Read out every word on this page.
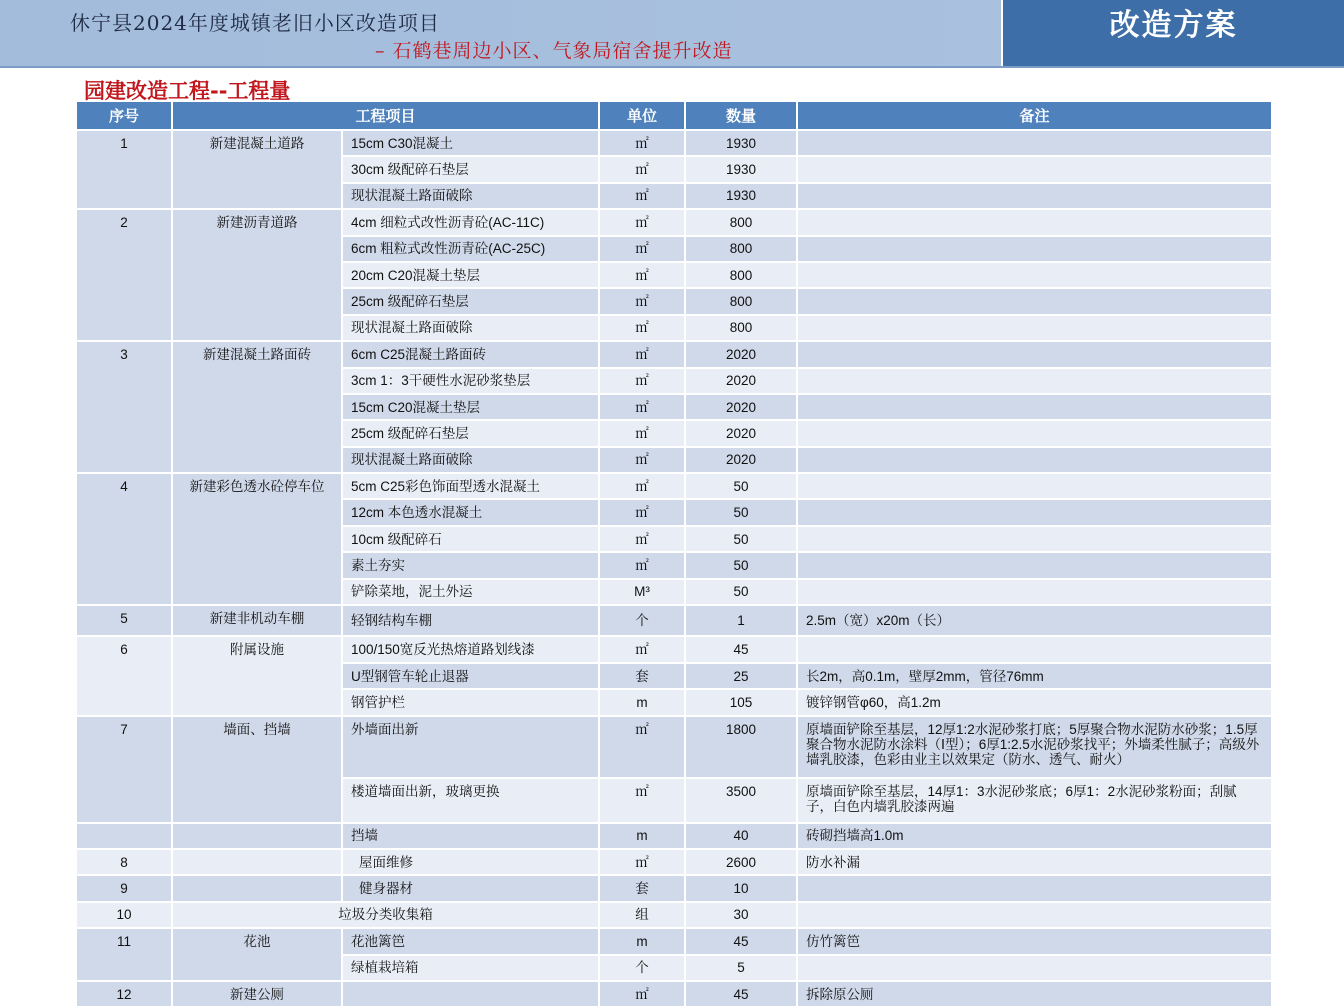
休宁县2024年度城镇老旧小区改造项目
– 石鹤巷周边小区、气象局宿舍提升改造
改造方案
园建改造工程--工程量
序号	工程项目		单位	数量	备注
1	新建混凝土道路	15cm C30混凝土	㎡	1930	
		30cm 级配碎石垫层	㎡	1930	
		现状混凝土路面破除	㎡	1930	
2	新建沥青道路	4cm 细粒式改性沥青砼(AC-11C)	㎡	800	
		6cm 粗粒式改性沥青砼(AC-25C)	㎡	800	
		20cm C20混凝土垫层	㎡	800	
		25cm 级配碎石垫层	㎡	800	
		现状混凝土路面破除	㎡	800	
3	新建混凝土路面砖	6cm C25混凝土路面砖	㎡	2020	
		3cm 1：3干硬性水泥砂浆垫层	㎡	2020	
		15cm C20混凝土垫层	㎡	2020	
		25cm 级配碎石垫层	㎡	2020	
		现状混凝土路面破除	㎡	2020	
4	新建彩色透水砼停车位	5cm C25彩色饰面型透水混凝土	㎡	50	
		12cm 本色透水混凝土	㎡	50	
		10cm 级配碎石	㎡	50	
		素土夯实	㎡	50	
		铲除菜地，泥土外运	M³	50	
5	新建非机动车棚	轻钢结构车棚	个	1	2.5m（宽）x20m（长）
6	附属设施	100/150宽反光热熔道路划线漆	㎡	45	
		U型钢管车轮止退器	套	25	长2m，高0.1m，壁厚2mm，管径76mm
		钢管护栏	m	105	镀锌钢管φ60，高1.2m
7	墙面、挡墙	外墙面出新	㎡	1800	原墙面铲除至基层，12厚1:2水泥砂浆打底；5厚聚合物水泥防水砂浆；1.5厚聚合物水泥防水涂料（Ⅰ型）；6厚1:2.5水泥砂浆找平；外墙柔性腻子；高级外墙乳胶漆，色彩由业主以效果定（防水、透气、耐火）
		楼道墙面出新，玻璃更换	㎡	3500	原墙面铲除至基层，14厚1：3水泥砂浆底；6厚1：2水泥砂浆粉面；刮腻子，白色内墙乳胶漆两遍
		挡墙	m	40	砖砌挡墙高1.0m
8		屋面维修	㎡	2600	防水补漏
9		健身器材	套	10	
10	垃圾分类收集箱		组	30	
11	花池	花池篱笆	m	45	仿竹篱笆
		绿植栽培箱	个	5	
12	新建公厕		㎡	45	拆除原公厕
